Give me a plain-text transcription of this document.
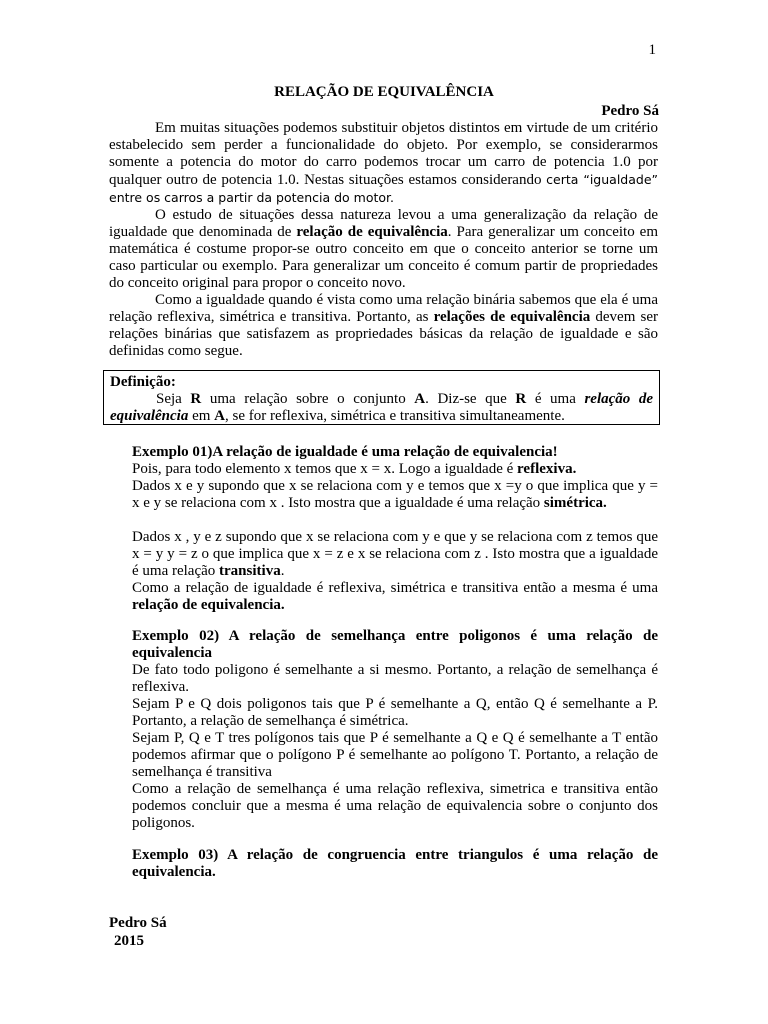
1
RELAÇÃO DE EQUIVALÊNCIA
Pedro Sá

Em muitas situações podemos substituir objetos distintos em virtude de um critério estabelecido sem perder a funcionalidade do objeto. Por exemplo, se considerarmos somente a potencia do motor do carro podemos trocar um carro de potencia 1.0 por qualquer outro de potencia 1.0. Nestas situações estamos considerando certa “igualdade” entre os carros a partir da potencia do motor.

O estudo de situações dessa natureza levou a uma generalização da relação de igualdade que denominada de relação de equivalência. Para generalizar um conceito em matemática é costume propor-se outro conceito em que o conceito anterior se torne um caso particular ou exemplo. Para generalizar um conceito é comum partir de propriedades do conceito original para propor o conceito novo.

Como a igualdade quando é vista como uma relação binária sabemos que ela é uma relação reflexiva, simétrica e transitiva. Portanto, as relações de equivalência devem ser relações binárias que satisfazem as propriedades básicas da relação de igualdade e são definidas como segue.

Definição:
Seja R uma relação sobre o conjunto A. Diz-se que R é uma relação de equivalência em A, se for reflexiva, simétrica e transitiva simultaneamente.
Exemplo 01)A relação de igualdade é uma relação de equivalencia!
Pois, para todo elemento x temos que x = x. Logo a igualdade é reflexiva.
Dados x e y supondo que x se relaciona com y e temos que x =y o que implica que y = x e y se relaciona com x . Isto mostra que a igualdade é uma relação simétrica.
Dados x , y e z supondo que x se relaciona com y e que y se relaciona com z temos que x = y y = z o que implica que x = z e x se relaciona com z . Isto mostra que a igualdade é uma relação transitiva.
Como a relação de igualdade é reflexiva, simétrica e transitiva então a mesma é uma relação de equivalencia.
Exemplo 02) A relação de semelhança entre poligonos é uma relação de equivalencia
De fato todo poligono é semelhante a si mesmo. Portanto, a relação de semelhança é reflexiva.
Sejam P e Q dois poligonos tais que P é semelhante a Q, então Q é semelhante a P. Portanto, a relação de semelhança é simétrica.
Sejam P, Q e T tres polígonos tais que P é semelhante a Q e Q é semelhante a T então podemos afirmar que o polígono P é semelhante ao polígono T. Portanto, a relação de semelhança é transitiva
Como a relação de semelhança é uma relação reflexiva, simetrica e transitiva então podemos concluir que a mesma é uma relação de equivalencia sobre o conjunto dos poligonos.
Exemplo 03) A relação de congruencia entre triangulos é uma relação de equivalencia.
Pedro Sá
2015
